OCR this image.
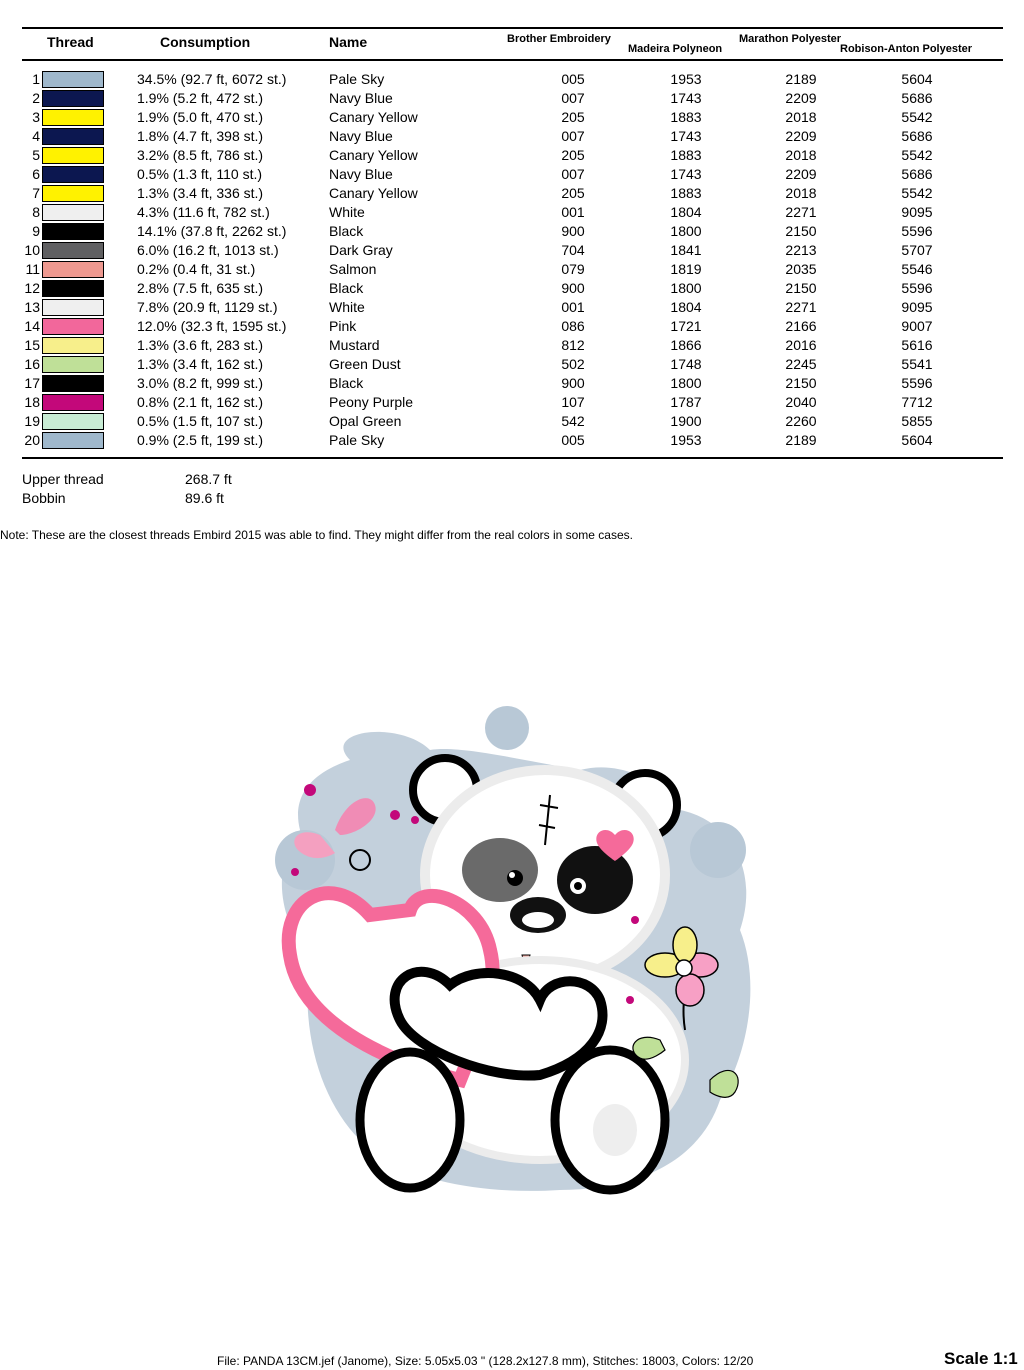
Thread	Consumption	Name	Brother Embroidery
Madeira Polyneon
Marathon Polyester
Robison-Anton Polyester
1	34.5% (92.7 ft, 6072 st.)	Pale Sky	005	1953	2189	5604
2	1.9% (5.2 ft, 472 st.)	Navy Blue	007	1743	2209	5686
3	1.9% (5.0 ft, 470 st.)	Canary Yellow	205	1883	2018	5542
4	1.8% (4.7 ft, 398 st.)	Navy Blue	007	1743	2209	5686
5	3.2% (8.5 ft, 786 st.)	Canary Yellow	205	1883	2018	5542
6	0.5% (1.3 ft, 110 st.)	Navy Blue	007	1743	2209	5686
7	1.3% (3.4 ft, 336 st.)	Canary Yellow	205	1883	2018	5542
8	4.3% (11.6 ft, 782 st.)	White	001	1804	2271	9095
9	14.1% (37.8 ft, 2262 st.)	Black	900	1800	2150	5596
10	6.0% (16.2 ft, 1013 st.)	Dark Gray	704	1841	2213	5707
11	0.2% (0.4 ft, 31 st.)	Salmon	079	1819	2035	5546
12	2.8% (7.5 ft, 635 st.)	Black	900	1800	2150	5596
13	7.8% (20.9 ft, 1129 st.)	White	001	1804	2271	9095
14	12.0% (32.3 ft, 1595 st.)	Pink	086	1721	2166	9007
15	1.3% (3.6 ft, 283 st.)	Mustard	812	1866	2016	5616
16	1.3% (3.4 ft, 162 st.)	Green Dust	502	1748	2245	5541
17	3.0% (8.2 ft, 999 st.)	Black	900	1800	2150	5596
18	0.8% (2.1 ft, 162 st.)	Peony Purple	107	1787	2040	7712
19	0.5% (1.5 ft, 107 st.)	Opal Green	542	1900	2260	5855
20	0.9% (2.5 ft, 199 st.)	Pale Sky	005	1953	2189	5604
Upper thread	268.7 ft
Bobbin	89.6 ft
Note: These are the closest threads Embird 2015 was able to find. They might differ from the real colors in some cases.
File: PANDA 13CM.jef (Janome), Size: 5.05x5.03 " (128.2x127.8 mm), Stitches: 18003, Colors: 12/20	Scale 1:1
